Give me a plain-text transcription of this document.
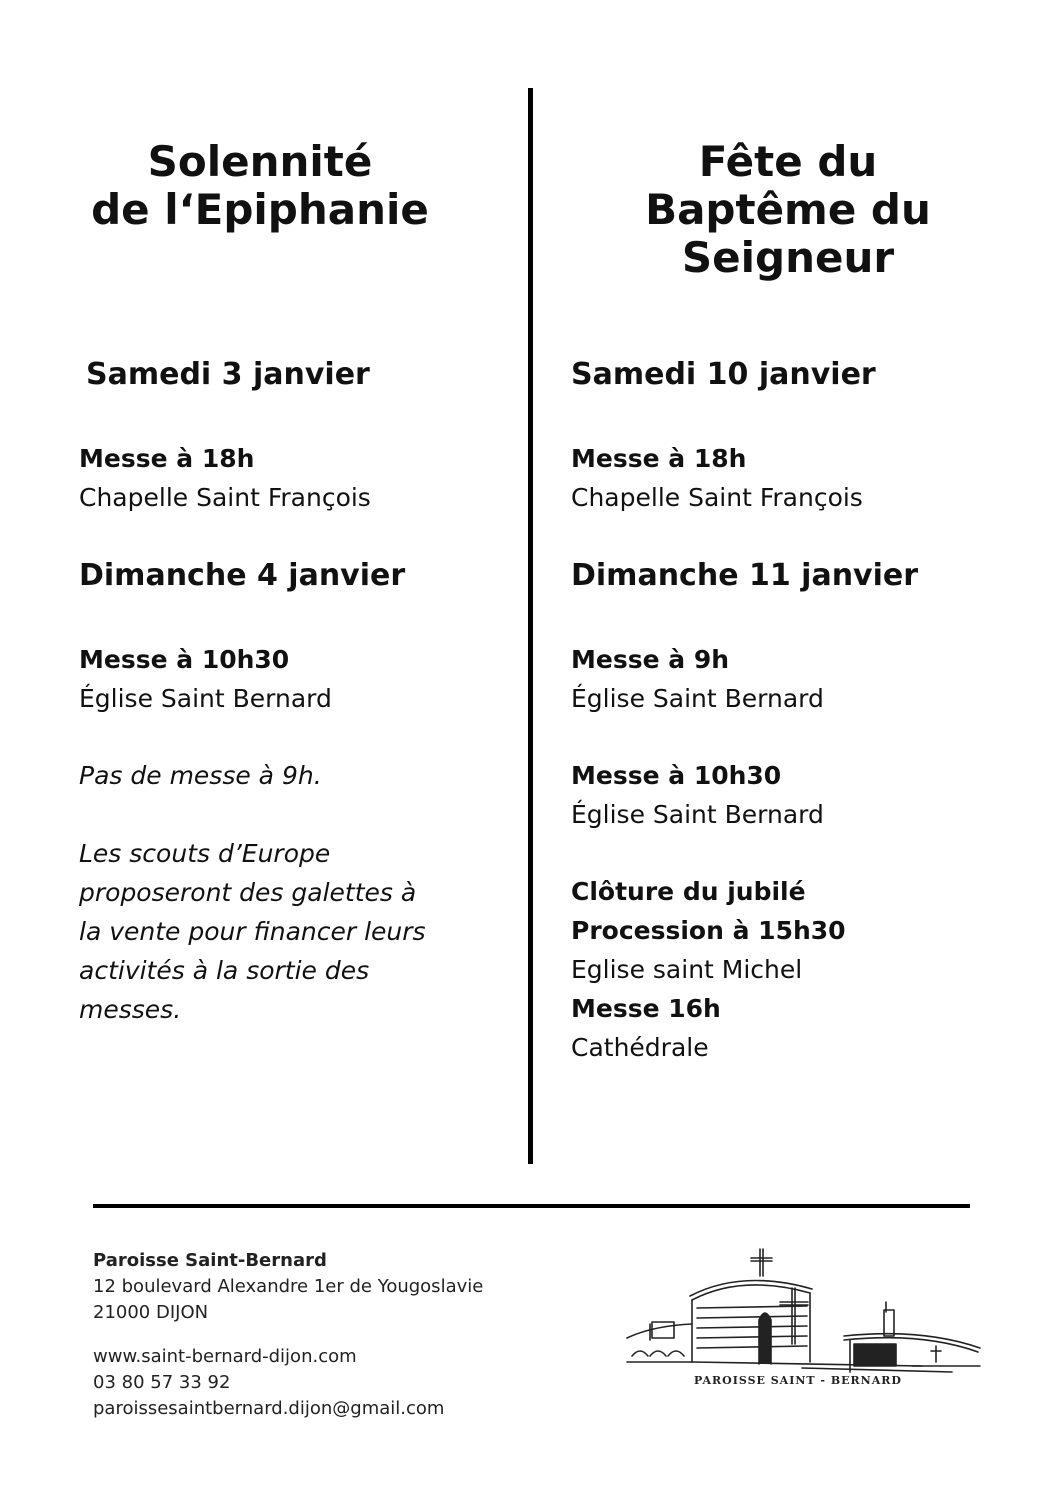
Solennité
de l‘Epiphanie
Samedi 3 janvier
Messe à 18h
Chapelle Saint François
Dimanche 4 janvier
Messe à 10h30
Église Saint Bernard
Pas de messe à 9h.
Les scouts d’Europe
proposeront des galettes à
la vente pour financer leurs
activités à la sortie des
messes.
Fête du
Baptême du
Seigneur
Samedi 10 janvier
Messe à 18h
Chapelle Saint François
Dimanche 11 janvier
Messe à 9h
Église Saint Bernard
Messe à 10h30
Église Saint Bernard
Clôture du jubilé
Procession à 15h30
Eglise saint Michel
Messe 16h
Cathédrale
Paroisse Saint-Bernard
12 boulevard Alexandre 1er de Yougoslavie
21000 DIJON
www.saint-bernard-dijon.com
03 80 57 33 92
paroissesaintbernard.dijon@gmail.com
PAROISSE SAINT - BERNARD
